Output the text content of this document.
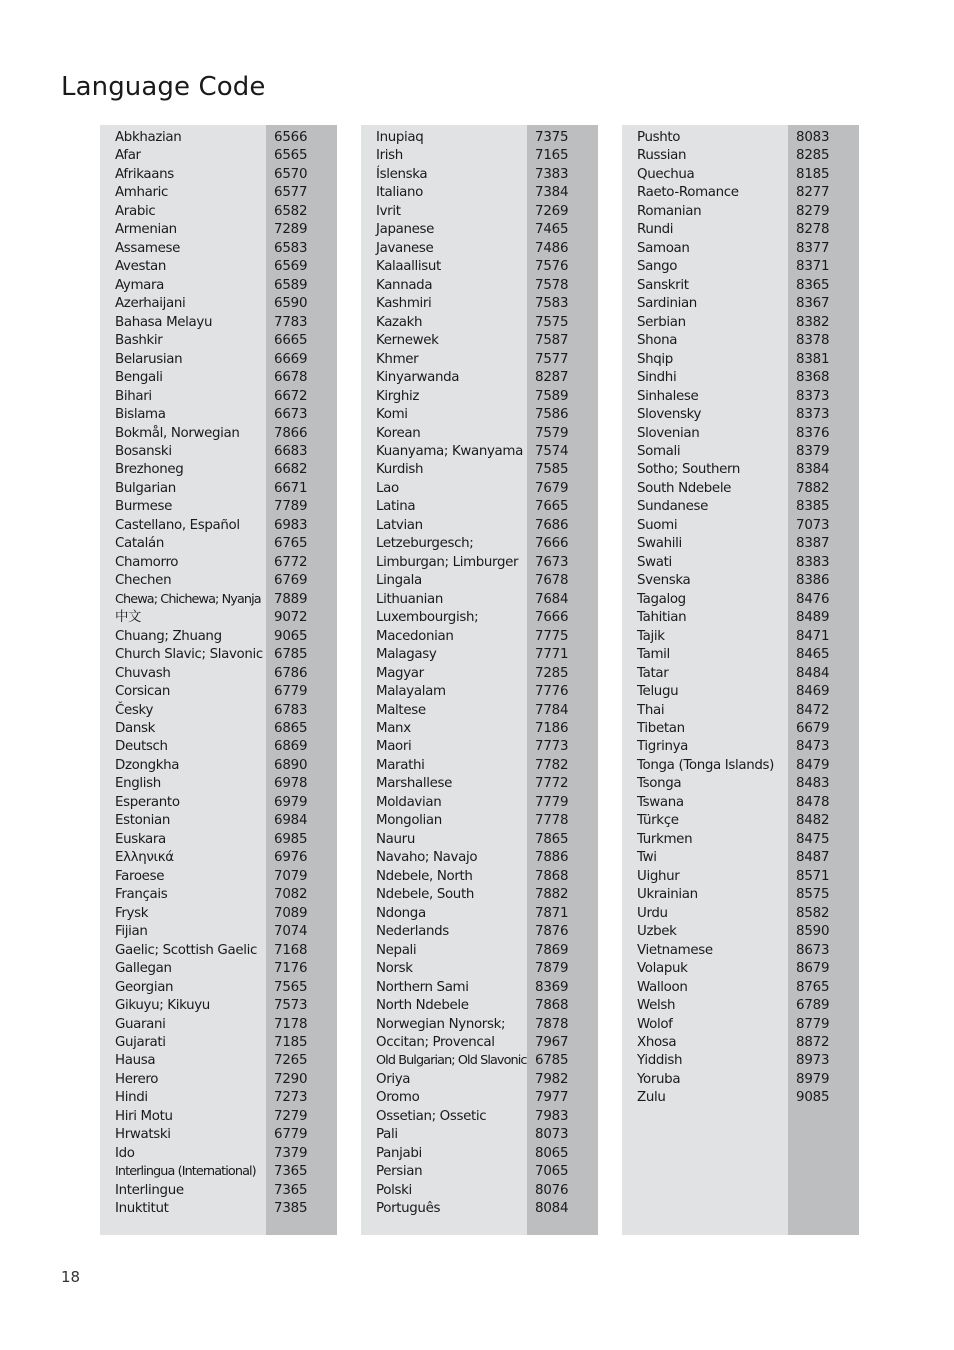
Language Code
Abkhazian	6566
Afar	6565
Afrikaans	6570
Amharic	6577
Arabic	6582
Armenian	7289
Assamese	6583
Avestan	6569
Aymara	6589
Azerhaijani	6590
Bahasa Melayu	7783
Bashkir	6665
Belarusian	6669
Bengali	6678
Bihari	6672
Bislama	6673
Bokmål, Norwegian	7866
Bosanski	6683
Brezhoneg	6682
Bulgarian	6671
Burmese	7789
Castellano, Español	6983
Catalán	6765
Chamorro	6772
Chechen	6769
Chewa; Chichewa; Nyanja 7889
中文	9072
Chuang; Zhuang	9065
Church Slavic; Slavonic 6785
Chuvash	6786
Corsican	6779
Česky	6783
Dansk	6865
Deutsch	6869
Dzongkha	6890
English	6978
Esperanto	6979
Estonian	6984
Euskara	6985
Ελληνικά	6976
Faroese	7079
Français	7082
Frysk	7089
Fijian	7074
Gaelic; Scottish Gaelic 7168
Gallegan	7176
Georgian	7565
Gikuyu; Kikuyu	7573
Guarani	7178
Gujarati	7185
Hausa	7265
Herero	7290
Hindi	7273
Hiri Motu	7279
Hrwatski	6779
Ido	7379
Interlingua (International) 7365
Interlingue	7365
Inuktitut	7385
Inupiaq	7375
Irish	7165
Íslenska	7383
Italiano	7384
Ivrit	7269
Japanese	7465
Javanese	7486
Kalaallisut	7576
Kannada	7578
Kashmiri	7583
Kazakh	7575
Kernewek	7587
Khmer	7577
Kinyarwanda	8287
Kirghiz	7589
Komi	7586
Korean	7579
Kuanyama; Kwanyama 7574
Kurdish	7585
Lao	7679
Latina	7665
Latvian	7686
Letzeburgesch;	7666
Limburgan; Limburger 7673
Lingala	7678
Lithuanian	7684
Luxembourgish;	7666
Macedonian	7775
Malagasy	7771
Magyar	7285
Malayalam	7776
Maltese	7784
Manx	7186
Maori	7773
Marathi	7782
Marshallese	7772
Moldavian	7779
Mongolian	7778
Nauru	7865
Navaho; Navajo	7886
Ndebele, North	7868
Ndebele, South	7882
Ndonga	7871
Nederlands	7876
Nepali	7869
Norsk	7879
Northern Sami	8369
North Ndebele	7868
Norwegian Nynorsk; 7878
Occitan; Provencal	7967
Old Bulgarian; Old Slavonic 6785
Oriya	7982
Oromo	7977
Ossetian; Ossetic	7983
Pali	8073
Panjabi	8065
Persian	7065
Polski	8076
Português	8084
Pushto	8083
Russian	8285
Quechua	8185
Raeto-Romance	8277
Romanian	8279
Rundi	8278
Samoan	8377
Sango	8371
Sanskrit	8365
Sardinian	8367
Serbian	8382
Shona	8378
Shqip	8381
Sindhi	8368
Sinhalese	8373
Slovensky	8373
Slovenian	8376
Somali	8379
Sotho; Southern	8384
South Ndebele	7882
Sundanese	8385
Suomi	7073
Swahili	8387
Swati	8383
Svenska	8386
Tagalog	8476
Tahitian	8489
Tajik	8471
Tamil	8465
Tatar	8484
Telugu	8469
Thai	8472
Tibetan	6679
Tigrinya	8473
Tonga (Tonga Islands) 8479
Tsonga	8483
Tswana	8478
Türkçe	8482
Turkmen	8475
Twi	8487
Uighur	8571
Ukrainian	8575
Urdu	8582
Uzbek	8590
Vietnamese	8673
Volapuk	8679
Walloon	8765
Welsh	6789
Wolof	8779
Xhosa	8872
Yiddish	8973
Yoruba	8979
Zulu	9085
18
